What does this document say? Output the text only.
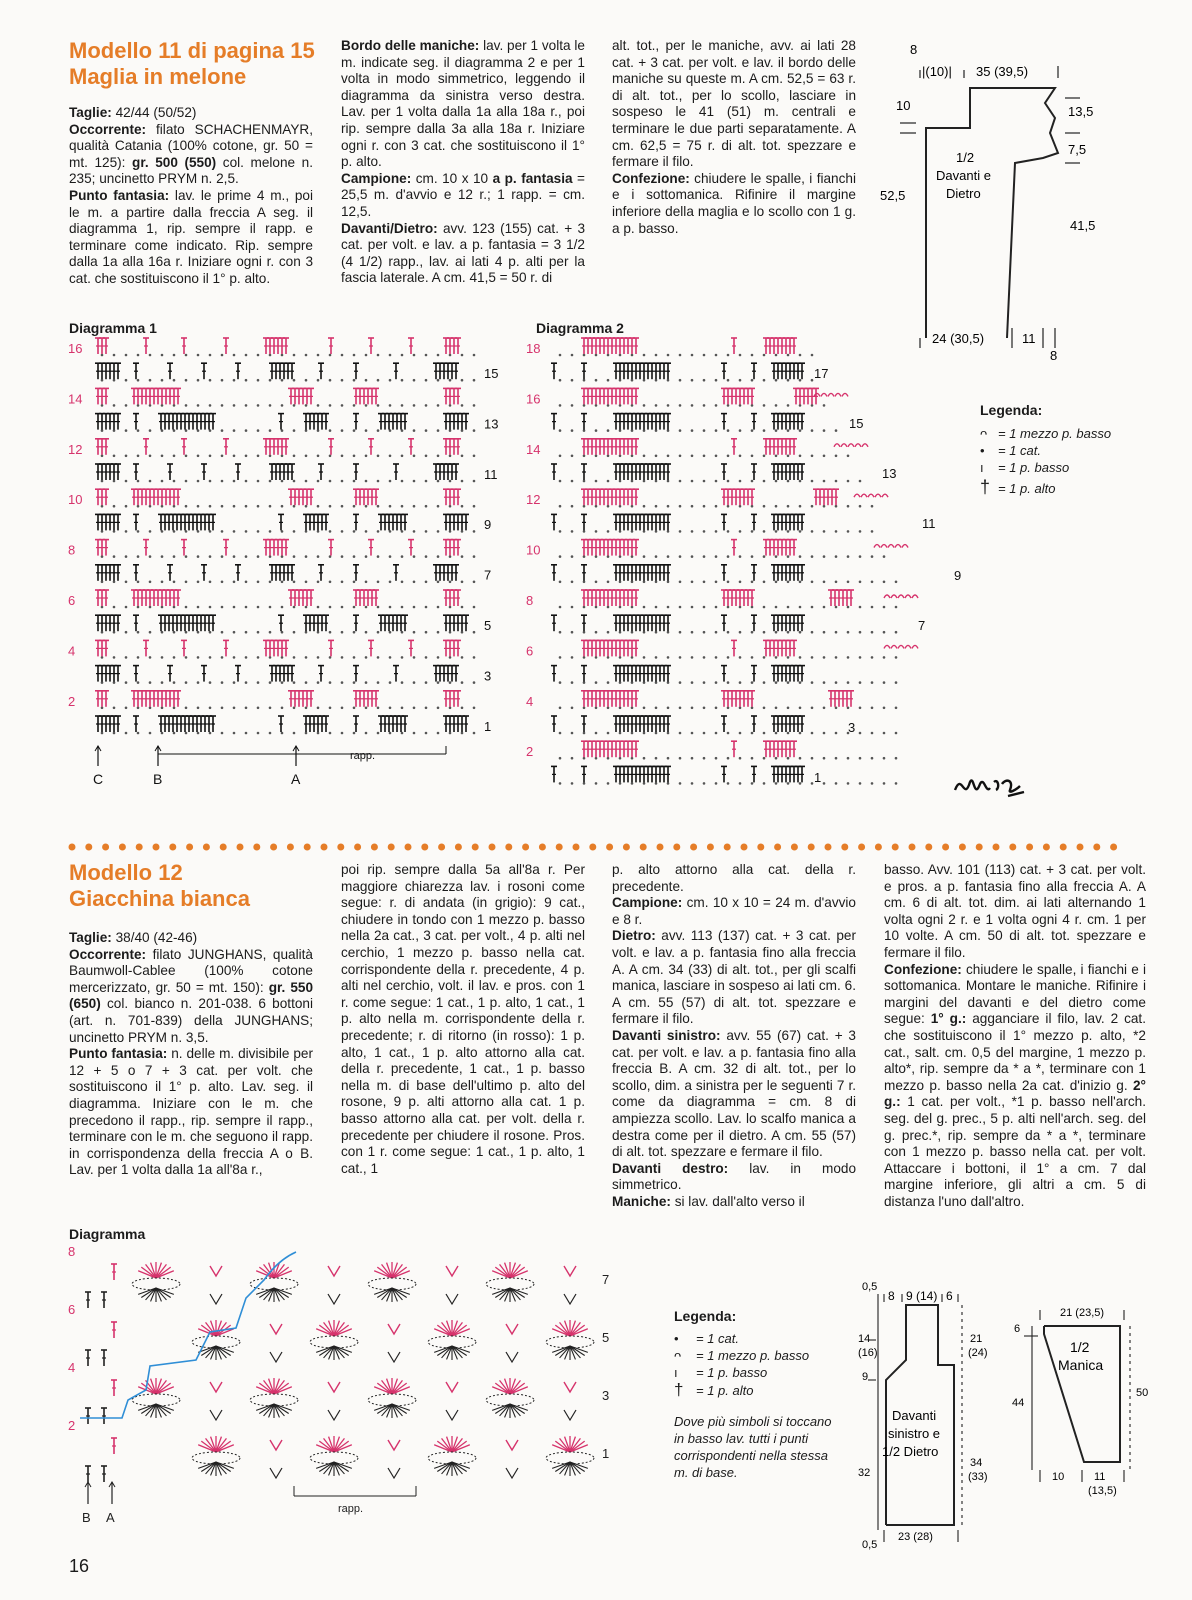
Modello 11 di pagina 15
Maglia in melone

Taglie: 42/44 (50/52)

Occorrente: filato SCHACHENMAYR, qualità Catania (100% cotone, gr. 50 = mt. 125): gr. 500 (550) col. melone n. 235; uncinetto PRYM n. 2,5.

Punto fantasia: lav. le prime 4 m., poi le m. a partire dalla freccia A seg. il diagramma 1, rip. sempre il rapp. e terminare come indicato. Rip. sempre dalla 1a alla 16a r. Iniziare ogni r. con 3 cat. che sostituiscono il 1° p. alto.

Bordo delle maniche: lav. per 1 volta le m. indicate seg. il diagramma 2 e per 1 volta in modo simmetrico, leggendo il diagramma da sinistra verso destra. Lav. per 1 volta dalla 1a alla 18a r., poi rip. sempre dalla 3a alla 18a r. Iniziare ogni r. con 3 cat. che sostituiscono il 1° p. alto.

Campione: cm. 10 x 10 a p. fantasia = 25,5 m. d'avvio e 12 r.; 1 rapp. = cm. 12,5.

Davanti/Dietro: avv. 123 (155) cat. + 3 cat. per volt. e lav. a p. fantasia = 3 1/2 (4 1/2) rapp., lav. ai lati 4 p. alti per la fascia laterale. A cm. 41,5 = 50 r. di

alt. tot., per le maniche, avv. ai lati 28 cat. + 3 cat. per volt. e lav. il bordo delle maniche su queste m. A cm. 52,5 = 63 r. di alt. tot., per lo scollo, lasciare in sospeso le 41 (51) m. centrali e terminare le due parti separatamente. A cm. 62,5 = 75 r. di alt. tot. spezzare e fermare il filo.

Confezione: chiudere le spalle, i fianchi e i sottomanica. Rifinire il margine inferiore della maglia e lo scollo con 1 g. a p. basso.

8
|(10)| 35 (39,5)
10	13,5
7,5
52,5
41,5
1/2
Davanti e
Dietro
24 (30,5)	11
8
Legenda:
ᴖ = 1 mezzo p. basso
• = 1 cat.
ı = 1 p. basso
† = 1 p. alto
Diagramma 1
16
14
12
10
8
6
4
2
15
13
11
9
7
5
3
1
C	B	A
rapp.
Diagramma 2
18
16
14
12
10
8
6
4
2
17
15
13
11
9
7
3
1
Modello 12
Giacchina bianca

Taglie: 38/40 (42-46)

Occorrente: filato JUNGHANS, qualità Baumwoll-Cablee (100% cotone mercerizzato, gr. 50 = mt. 150): gr. 550 (650) col. bianco n. 201-038. 6 bottoni (art. n. 701-839) della JUNGHANS; uncinetto PRYM n. 3,5.

Punto fantasia: n. delle m. divisibile per 12 + 5 o 7 + 3 cat. per volt. che sostituiscono il 1° p. alto. Lav. seg. il diagramma. Iniziare con le m. che precedono il rapp., rip. sempre il rapp., terminare con le m. che seguono il rapp. in corrispondenza della freccia A o B. Lav. per 1 volta dalla 1a all'8a r.,

poi rip. sempre dalla 5a all'8a r. Per maggiore chiarezza lav. i rosoni come segue: r. di andata (in grigio): 9 cat., chiudere in tondo con 1 mezzo p. basso nella 2a cat., 3 cat. per volt., 4 p. alti nel cerchio, 1 mezzo p. basso nella cat. corrispondente della r. precedente, 4 p. alti nel cerchio, volt. il lav. e pros. con 1 r. come segue: 1 cat., 1 p. alto, 1 cat., 1 p. alto nella m. corrispondente della r. precedente; r. di ritorno (in rosso): 1 p. alto, 1 cat., 1 p. alto attorno alla cat. della r. precedente, 1 cat., 1 p. basso nella m. di base dell'ultimo p. alto del rosone, 9 p. alti attorno alla cat. 1 p. basso attorno alla cat. per volt. della r. precedente per chiudere il rosone. Pros. con 1 r. come segue: 1 cat., 1 p. alto, 1 cat., 1

p. alto attorno alla cat. della r. precedente.

Campione: cm. 10 x 10 = 24 m. d'avvio e 8 r.

Dietro: avv. 113 (137) cat. + 3 cat. per volt. e lav. a p. fantasia fino alla freccia A. A cm. 34 (33) di alt. tot., per gli scalfi manica, lasciare in sospeso ai lati cm. 6. A cm. 55 (57) di alt. tot. spezzare e fermare il filo.

Davanti sinistro: avv. 55 (67) cat. + 3 cat. per volt. e lav. a p. fantasia fino alla freccia B. A cm. 32 di alt. tot., per lo scollo, dim. a sinistra per le seguenti 7 r. come da diagramma = cm. 8 di ampiezza scollo. Lav. lo scalfo manica a destra come per il dietro. A cm. 55 (57) di alt. tot. spezzare e fermare il filo.

Davanti destro: lav. in modo simmetrico.

Maniche: si lav. dall'alto verso il

basso. Avv. 101 (113) cat. + 3 cat. per volt. e pros. a p. fantasia fino alla freccia A. A cm. 6 di alt. tot. dim. ai lati alternando 1 volta ogni 2 r. e 1 volta ogni 4 r. cm. 1 per 10 volte. A cm. 50 di alt. tot. spezzare e fermare il filo.

Confezione: chiudere le spalle, i fianchi e i sottomanica. Montare le maniche. Rifinire i margini del davanti e del dietro come segue: 1° g.: agganciare il filo, lav. 2 cat. che sostituiscono il 1° mezzo p. alto, *2 cat., salt. cm. 0,5 del margine, 1 mezzo p. alto*, rip. sempre da * a *, terminare con 1 mezzo p. basso nella 2a cat. d'inizio g. 2° g.: 1 cat. per volt., *1 p. basso nell'arch. seg. del g. prec., 5 p. alti nell'arch. seg. del g. prec.*, rip. sempre da * a *, terminare con 1 mezzo p. basso nella cat. per volt. Attaccare i bottoni, il 1° a cm. 7 dal margine inferiore, gli altri a cm. 5 di distanza l'uno dall'altro.

Diagramma
8
6
4
2
7
5
3
1
B A
rapp.
Legenda:
• = 1 cat.
ᴖ = 1 mezzo p. basso
ı = 1 p. basso
† = 1 p. alto
Dove più simboli si toccano in basso lav. tutti i punti corrispondenti nella stessa m. di base.
0,5
8 9 (14) 6
14
(16)
9
32
21
(24)
34
(33)
Davanti
sinistro e
1/2 Dietro
23 (28)
0,5
21 (23,5)
6
44
50
1/2
Manica
10	11
(13,5)
16
